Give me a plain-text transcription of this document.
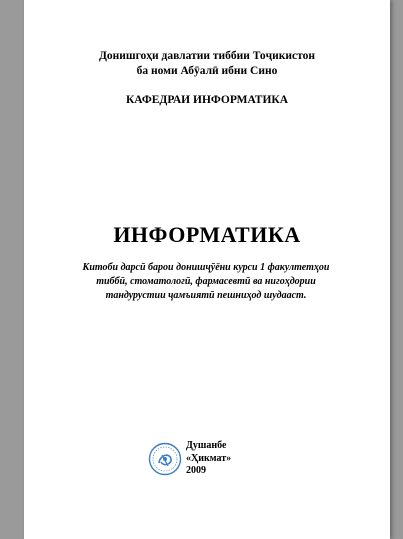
Донишгоҳи давлатии тиббии Тоҷикистон
ба номи Абӯалӣ ибни Сино
КАФЕДРАИ ИНФОРМАТИКА
ИНФОРМАТИКА
Китоби дарсӣ барои донишҷӯёни курси 1 факултетҳои
тиббӣ, стоматологӣ, фармасевтӣ ва нигоҳдории
тандурустии ҷамъиятӣ пешниҳод шудааст.
Душанбе
«Ҳикмат»
2009
